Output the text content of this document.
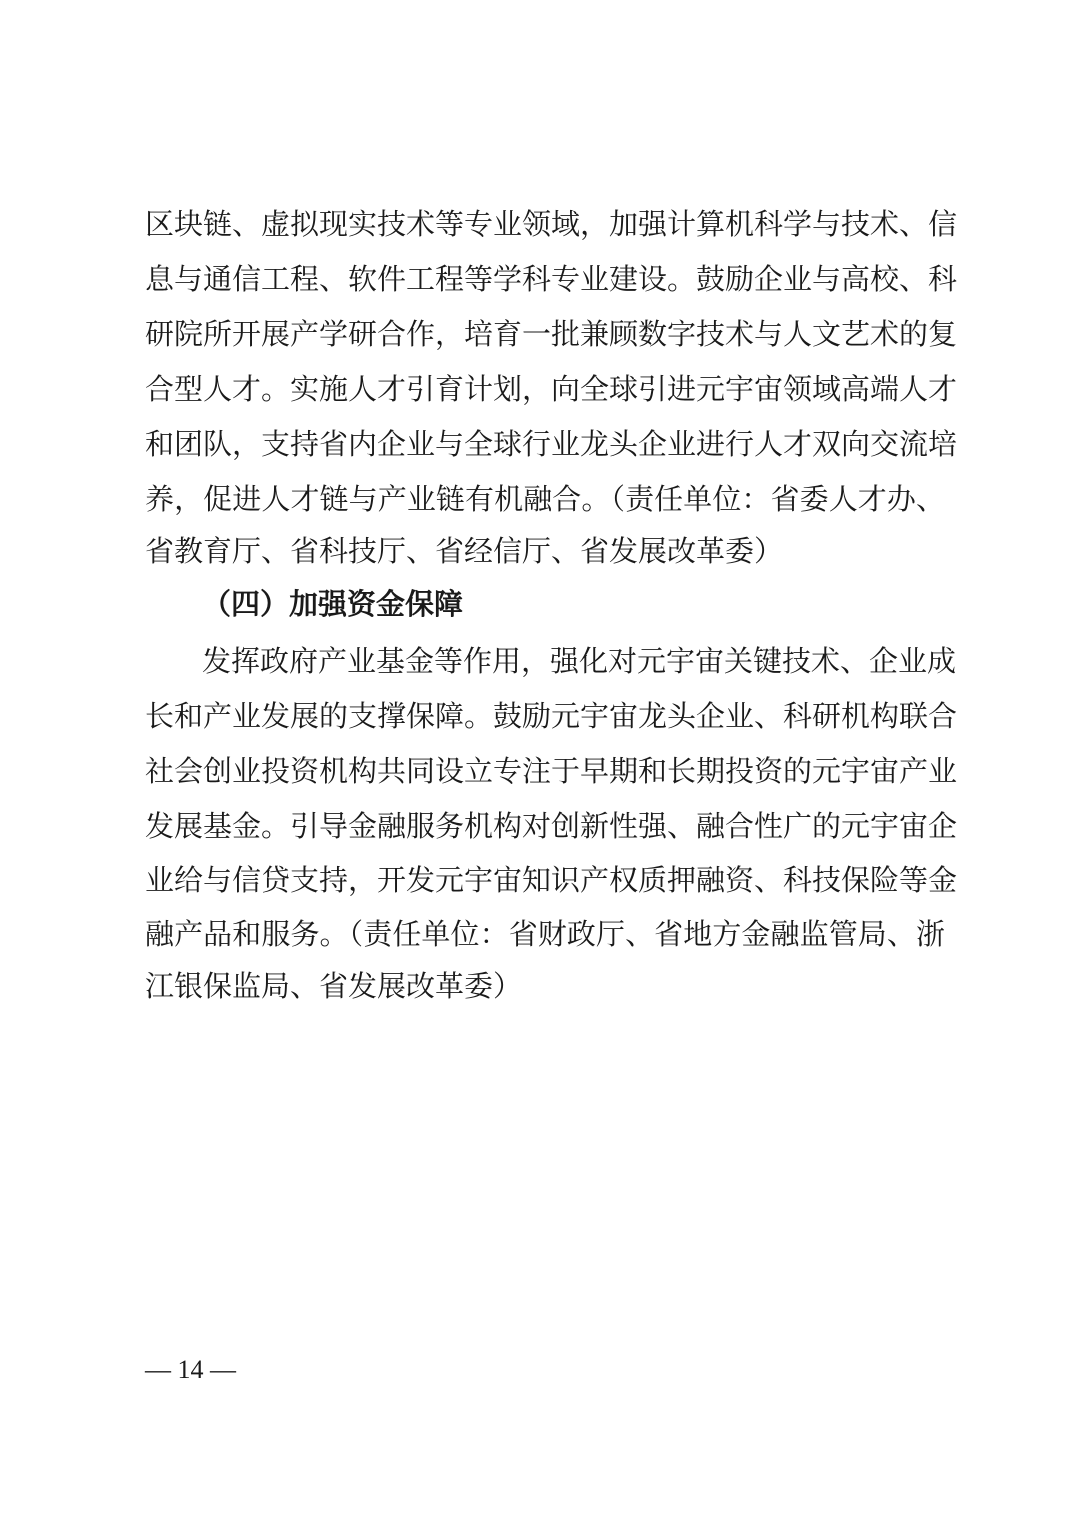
区块链、虚拟现实技术等专业领域，加强计算机科学与技术、信
息与通信工程、软件工程等学科专业建设。鼓励企业与高校、科
研院所开展产学研合作，培育一批兼顾数字技术与人文艺术的复
合型人才。实施人才引育计划，向全球引进元宇宙领域高端人才
和团队，支持省内企业与全球行业龙头企业进行人才双向交流培
养，促进人才链与产业链有机融合。（责任单位：省委人才办、
省教育厅、省科技厅、省经信厅、省发展改革委）
（四）加强资金保障
发挥政府产业基金等作用，强化对元宇宙关键技术、企业成
长和产业发展的支撑保障。鼓励元宇宙龙头企业、科研机构联合
社会创业投资机构共同设立专注于早期和长期投资的元宇宙产业
发展基金。引导金融服务机构对创新性强、融合性广的元宇宙企
业给与信贷支持，开发元宇宙知识产权质押融资、科技保险等金
融产品和服务。（责任单位：省财政厅、省地方金融监管局、浙
江银保监局、省发展改革委）
— 14 —
